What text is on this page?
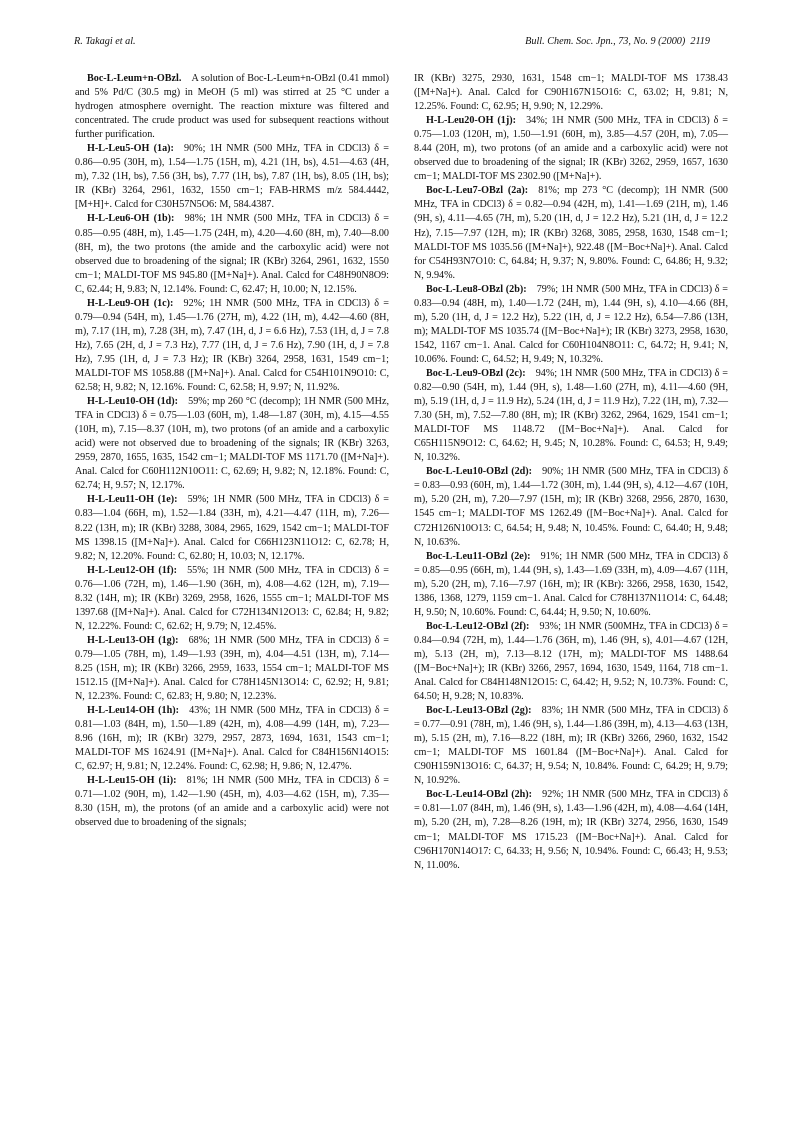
R. Takagi et al.	Bull. Chem. Soc. Jpn., 73, No. 9 (2000) 2119

Boc-L-Leum+n-OBzl.  A solution of Boc-L-Leum+n-OBzl (0.41 mmol) and 5% Pd/C (30.5 mg) in MeOH (5 ml) was stirred at 25 °C under a hydrogen atmosphere overnight. The reaction mixture was filtered and concentrated. The crude product was used for subsequent reactions without further purification.

H-L-Leu5-OH (1a):  90%; 1H NMR (500 MHz, TFA in CDCl3) δ = 0.86—0.95 (30H, m), 1.54—1.75 (15H, m), 4.21 (1H, bs), 4.51—4.63 (4H, m), 7.32 (1H, bs), 7.56 (3H, bs), 7.77 (1H, bs), 7.87 (1H, bs), 8.05 (1H, bs); IR (KBr) 3264, 2961, 1632, 1550 cm−1; FAB-HRMS m/z 584.4442, [M+H]+. Calcd for C30H57N5O6: M, 584.4387.

H-L-Leu6-OH (1b):  98%; 1H NMR (500 MHz, TFA in CDCl3) δ = 0.85—0.95 (48H, m), 1.45—1.75 (24H, m), 4.20—4.60 (8H, m), 7.40—8.00 (8H, m), the two protons (the amide and the carboxylic acid) were not observed due to broadening of the signal; IR (KBr) 3264, 2961, 1632, 1550 cm−1; MALDI-TOF MS 945.80 ([M+Na]+). Anal. Calcd for C48H90N8O9: C, 62.44; H, 9.83; N, 12.14%. Found: C, 62.47; H, 10.00; N, 12.15%.

H-L-Leu9-OH (1c):  92%; 1H NMR (500 MHz, TFA in CDCl3) δ = 0.79—0.94 (54H, m), 1.45—1.76 (27H, m), 4.22 (1H, m), 4.42—4.60 (8H, m), 7.17 (1H, m), 7.28 (3H, m), 7.47 (1H, d, J = 6.6 Hz), 7.53 (1H, d, J = 7.8 Hz), 7.65 (2H, d, J = 7.3 Hz), 7.77 (1H, d, J = 7.6 Hz), 7.90 (1H, d, J = 7.8 Hz), 7.95 (1H, d, J = 7.3 Hz); IR (KBr) 3264, 2958, 1631, 1549 cm−1; MALDI-TOF MS 1058.88 ([M+Na]+). Anal. Calcd for C54H101N9O10: C, 62.58; H, 9.82; N, 12.16%. Found: C, 62.58; H, 9.97; N, 11.92%.

H-L-Leu10-OH (1d):  59%; mp 260 °C (decomp); 1H NMR (500 MHz, TFA in CDCl3) δ = 0.75—1.03 (60H, m), 1.48—1.87 (30H, m), 4.15—4.55 (10H, m), 7.15—8.37 (10H, m), two protons (of an amide and a carboxylic acid) were not observed due to broadening of the signals; IR (KBr) 3263, 2959, 2870, 1655, 1635, 1542 cm−1; MALDI-TOF MS 1171.70 ([M+Na]+). Anal. Calcd for C60H112N10O11: C, 62.69; H, 9.82; N, 12.18%. Found: C, 62.74; H, 9.57; N, 12.17%.

H-L-Leu11-OH (1e):  59%; 1H NMR (500 MHz, TFA in CDCl3) δ = 0.83—1.04 (66H, m), 1.52—1.84 (33H, m), 4.21—4.47 (11H, m), 7.26—8.22 (13H, m); IR (KBr) 3288, 3084, 2965, 1629, 1542 cm−1; MALDI-TOF MS 1398.15 ([M+Na]+). Anal. Calcd for C66H123N11O12: C, 62.78; H, 9.82; N, 12.20%. Found: C, 62.80; H, 10.03; N, 12.17%.

H-L-Leu12-OH (1f):  55%; 1H NMR (500 MHz, TFA in CDCl3) δ = 0.76—1.06 (72H, m), 1.46—1.90 (36H, m), 4.08—4.62 (12H, m), 7.19—8.32 (14H, m); IR (KBr) 3269, 2958, 1626, 1555 cm−1; MALDI-TOF MS 1397.68 ([M+Na]+). Anal. Calcd for C72H134N12O13: C, 62.84; H, 9.82; N, 12.22%. Found: C, 62.62; H, 9.79; N, 12.45%.

H-L-Leu13-OH (1g):  68%; 1H NMR (500 MHz, TFA in CDCl3) δ = 0.79—1.05 (78H, m), 1.49—1.93 (39H, m), 4.04—4.51 (13H, m), 7.14—8.25 (15H, m); IR (KBr) 3266, 2959, 1633, 1554 cm−1; MALDI-TOF MS 1512.15 ([M+Na]+). Anal. Calcd for C78H145N13O14: C, 62.92; H, 9.81; N, 12.23%. Found: C, 62.83; H, 9.80; N, 12.23%.

H-L-Leu14-OH (1h):  43%; 1H NMR (500 MHz, TFA in CDCl3) δ = 0.81—1.03 (84H, m), 1.50—1.89 (42H, m), 4.08—4.99 (14H, m), 7.23—8.96 (16H, m); IR (KBr) 3279, 2957, 2873, 1694, 1631, 1543 cm−1; MALDI-TOF MS 1624.91 ([M+Na]+). Anal. Calcd for C84H156N14O15: C, 62.97; H, 9.81; N, 12.24%. Found: C, 62.98; H, 9.86; N, 12.47%.

H-L-Leu15-OH (1i):  81%; 1H NMR (500 MHz, TFA in CDCl3) δ = 0.71—1.02 (90H, m), 1.42—1.90 (45H, m), 4.03—4.62 (15H, m), 7.35—8.30 (15H, m), the protons (of an amide and a carboxylic acid) were not observed due to broadening of the signals;

IR (KBr) 3275, 2930, 1631, 1548 cm−1; MALDI-TOF MS 1738.43 ([M+Na]+). Anal. Calcd for C90H167N15O16: C, 63.02; H, 9.81; N, 12.25%. Found: C, 62.95; H, 9.90; N, 12.29%.

H-L-Leu20-OH (1j):  34%; 1H NMR (500 MHz, TFA in CDCl3) δ = 0.75—1.03 (120H, m), 1.50—1.91 (60H, m), 3.85—4.57 (20H, m), 7.05—8.44 (20H, m), two protons (of an amide and a carboxylic acid) were not observed due to broadening of the signal; IR (KBr) 3262, 2959, 1657, 1630 cm−1; MALDI-TOF MS 2302.90 ([M+Na]+).

Boc-L-Leu7-OBzl (2a):  81%; mp 273 °C (decomp); 1H NMR (500 MHz, TFA in CDCl3) δ = 0.82—0.94 (42H, m), 1.41—1.69 (21H, m), 1.46 (9H, s), 4.11—4.65 (7H, m), 5.20 (1H, d, J = 12.2 Hz), 5.21 (1H, d, J = 12.2 Hz), 7.15—7.97 (12H, m); IR (KBr) 3268, 3085, 2958, 1630, 1548 cm−1; MALDI-TOF MS 1035.56 ([M+Na]+), 922.48 ([M−Boc+Na]+). Anal. Calcd for C54H93N7O10: C, 64.84; H, 9.37; N, 9.80%. Found: C, 64.86; H, 9.32; N, 9.94%.

Boc-L-Leu8-OBzl (2b):  79%; 1H NMR (500 MHz, TFA in CDCl3) δ = 0.83—0.94 (48H, m), 1.40—1.72 (24H, m), 1.44 (9H, s), 4.10—4.66 (8H, m), 5.20 (1H, d, J = 12.2 Hz), 5.22 (1H, d, J = 12.2 Hz), 6.54—7.86 (13H, m); MALDI-TOF MS 1035.74 ([M−Boc+Na]+); IR (KBr) 3273, 2958, 1630, 1542, 1167 cm−1. Anal. Calcd for C60H104N8O11: C, 64.72; H, 9.41; N, 10.06%. Found: C, 64.52; H, 9.49; N, 10.32%.

Boc-L-Leu9-OBzl (2c):  94%; 1H NMR (500 MHz, TFA in CDCl3) δ = 0.82—0.90 (54H, m), 1.44 (9H, s), 1.48—1.60 (27H, m), 4.11—4.60 (9H, m), 5.19 (1H, d, J = 11.9 Hz), 5.24 (1H, d, J = 11.9 Hz), 7.22 (1H, m), 7.32—7.30 (5H, m), 7.52—7.80 (8H, m); IR (KBr) 3262, 2964, 1629, 1541 cm−1; MALDI-TOF MS 1148.72 ([M−Boc+Na]+). Anal. Calcd for C65H115N9O12: C, 64.62; H, 9.45; N, 10.28%. Found: C, 64.53; H, 9.49; N, 10.32%.

Boc-L-Leu10-OBzl (2d):  90%; 1H NMR (500 MHz, TFA in CDCl3) δ = 0.83—0.93 (60H, m), 1.44—1.72 (30H, m), 1.44 (9H, s), 4.12—4.67 (10H, m), 5.20 (2H, m), 7.20—7.97 (15H, m); IR (KBr) 3268, 2956, 2870, 1630, 1545 cm−1; MALDI-TOF MS 1262.49 ([M−Boc+Na]+). Anal. Calcd for C72H126N10O13: C, 64.54; H, 9.48; N, 10.45%. Found: C, 64.40; H, 9.48; N, 10.63%.

Boc-L-Leu11-OBzl (2e):  91%; 1H NMR (500 MHz, TFA in CDCl3) δ = 0.85—0.95 (66H, m), 1.44 (9H, s), 1.43—1.69 (33H, m), 4.09—4.67 (11H, m), 5.20 (2H, m), 7.16—7.97 (16H, m); IR (KBr): 3266, 2958, 1630, 1542, 1386, 1368, 1279, 1159 cm−1. Anal. Calcd for C78H137N11O14: C, 64.48; H, 9.50; N, 10.60%. Found: C, 64.44; H, 9.50; N, 10.60%.

Boc-L-Leu12-OBzl (2f):  93%; 1H NMR (500MHz, TFA in CDCl3) δ = 0.84—0.94 (72H, m), 1.44—1.76 (36H, m), 1.46 (9H, s), 4.01—4.67 (12H, m), 5.13 (2H, m), 7.13—8.12 (17H, m); MALDI-TOF MS 1488.64 ([M−Boc+Na]+); IR (KBr) 3266, 2957, 1694, 1630, 1549, 1164, 718 cm−1. Anal. Calcd for C84H148N12O15: C, 64.42; H, 9.52; N, 10.73%. Found: C, 64.50; H, 9.28; N, 10.83%.

Boc-L-Leu13-OBzl (2g):  83%; 1H NMR (500 MHz, TFA in CDCl3) δ = 0.77—0.91 (78H, m), 1.46 (9H, s), 1.44—1.86 (39H, m), 4.13—4.63 (13H, m), 5.15 (2H, m), 7.16—8.22 (18H, m); IR (KBr) 3266, 2960, 1632, 1542 cm−1; MALDI-TOF MS 1601.84 ([M−Boc+Na]+). Anal. Calcd for C90H159N13O16: C, 64.37; H, 9.54; N, 10.84%. Found: C, 64.29; H, 9.79; N, 10.92%.

Boc-L-Leu14-OBzl (2h):  92%; 1H NMR (500 MHz, TFA in CDCl3) δ = 0.81—1.07 (84H, m), 1.46 (9H, s), 1.43—1.96 (42H, m), 4.08—4.64 (14H, m), 5.20 (2H, m), 7.28—8.26 (19H, m); IR (KBr) 3274, 2956, 1630, 1549 cm−1; MALDI-TOF MS 1715.23 ([M−Boc+Na]+). Anal. Calcd for C96H170N14O17: C, 64.33; H, 9.56; N, 10.94%. Found: C, 66.43; H, 9.53; N, 11.00%.
